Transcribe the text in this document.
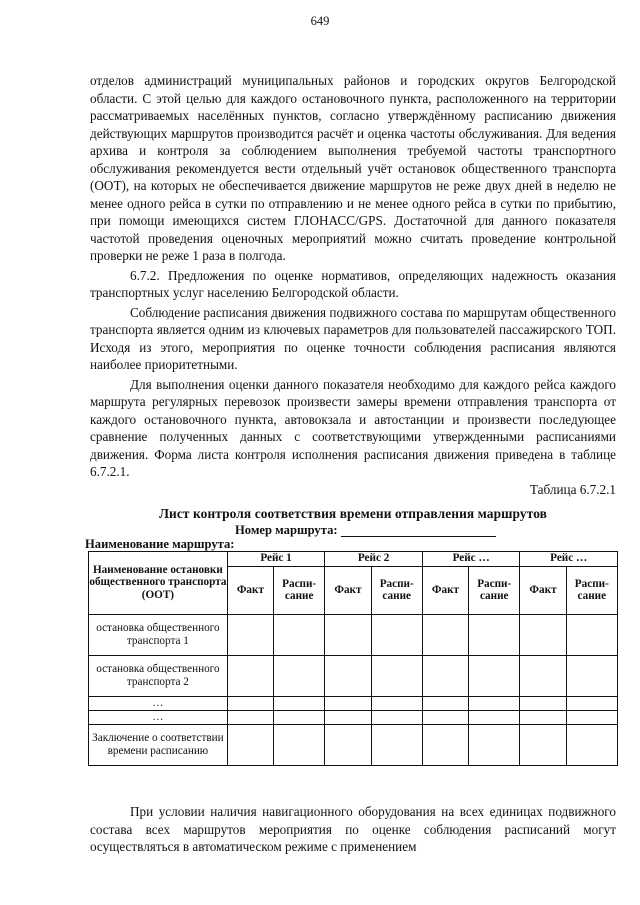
649

отделов администраций муниципальных районов и городских округов Белгородской области. С этой целью для каждого остановочного пункта, расположенного на территории рассматриваемых населённых пунктов, согласно утверждённому расписанию движения действующих маршрутов производится расчёт и оценка частоты обслуживания. Для ведения архива и контроля за соблюдением выполнения требуемой частоты транспортного обслуживания рекомендуется вести отдельный учёт остановок общественного транспорта (ООТ), на которых не обеспечивается движение маршрутов не реже двух дней в неделю не менее одного рейса в сутки по отправлению и не менее одного рейса в сутки по прибытию, при помощи имеющихся систем ГЛОНАСС/GPS. Достаточной для данного показателя частотой проведения оценочных мероприятий можно считать проведение контрольной проверки не реже 1 раза в полгода.

6.7.2. Предложения по оценке нормативов, определяющих надежность оказания транспортных услуг населению Белгородской области.

Соблюдение расписания движения подвижного состава по маршрутам общественного транспорта является одним из ключевых параметров для пользователей пассажирского ТОП. Исходя из этого, мероприятия по оценке точности соблюдения расписания являются наиболее приоритетными.

Для выполнения оценки данного показателя необходимо для каждого рейса каждого маршрута регулярных перевозок произвести замеры времени отправления транспорта от каждого остановочного пункта, автовокзала и автостанции и произвести последующее сравнение полученных данных с соответствующими утвержденными расписаниями движения. Форма листа контроля исполнения расписания движения приведена в таблице 6.7.2.1.

Таблица 6.7.2.1

Лист контроля соответствия времени отправления маршрутов
Номер маршрута:
Наименование маршрута:
Наименование остановки общественного транспорта (ООТ)	Рейс 1		Рейс 2		Рейс …		Рейс …	
	Факт	Распи-сание	Факт	Распи-сание	Факт	Распи-сание	Факт	Распи-сание
остановка общественного транспорта 1								
остановка общественного транспорта 2								
…								
…								
Заключение о соответствии времени расписанию								

При условии наличия навигационного оборудования на всех единицах подвижного состава всех маршрутов мероприятия по оценке соблюдения расписаний могут осуществляться в автоматическом режиме с применением
